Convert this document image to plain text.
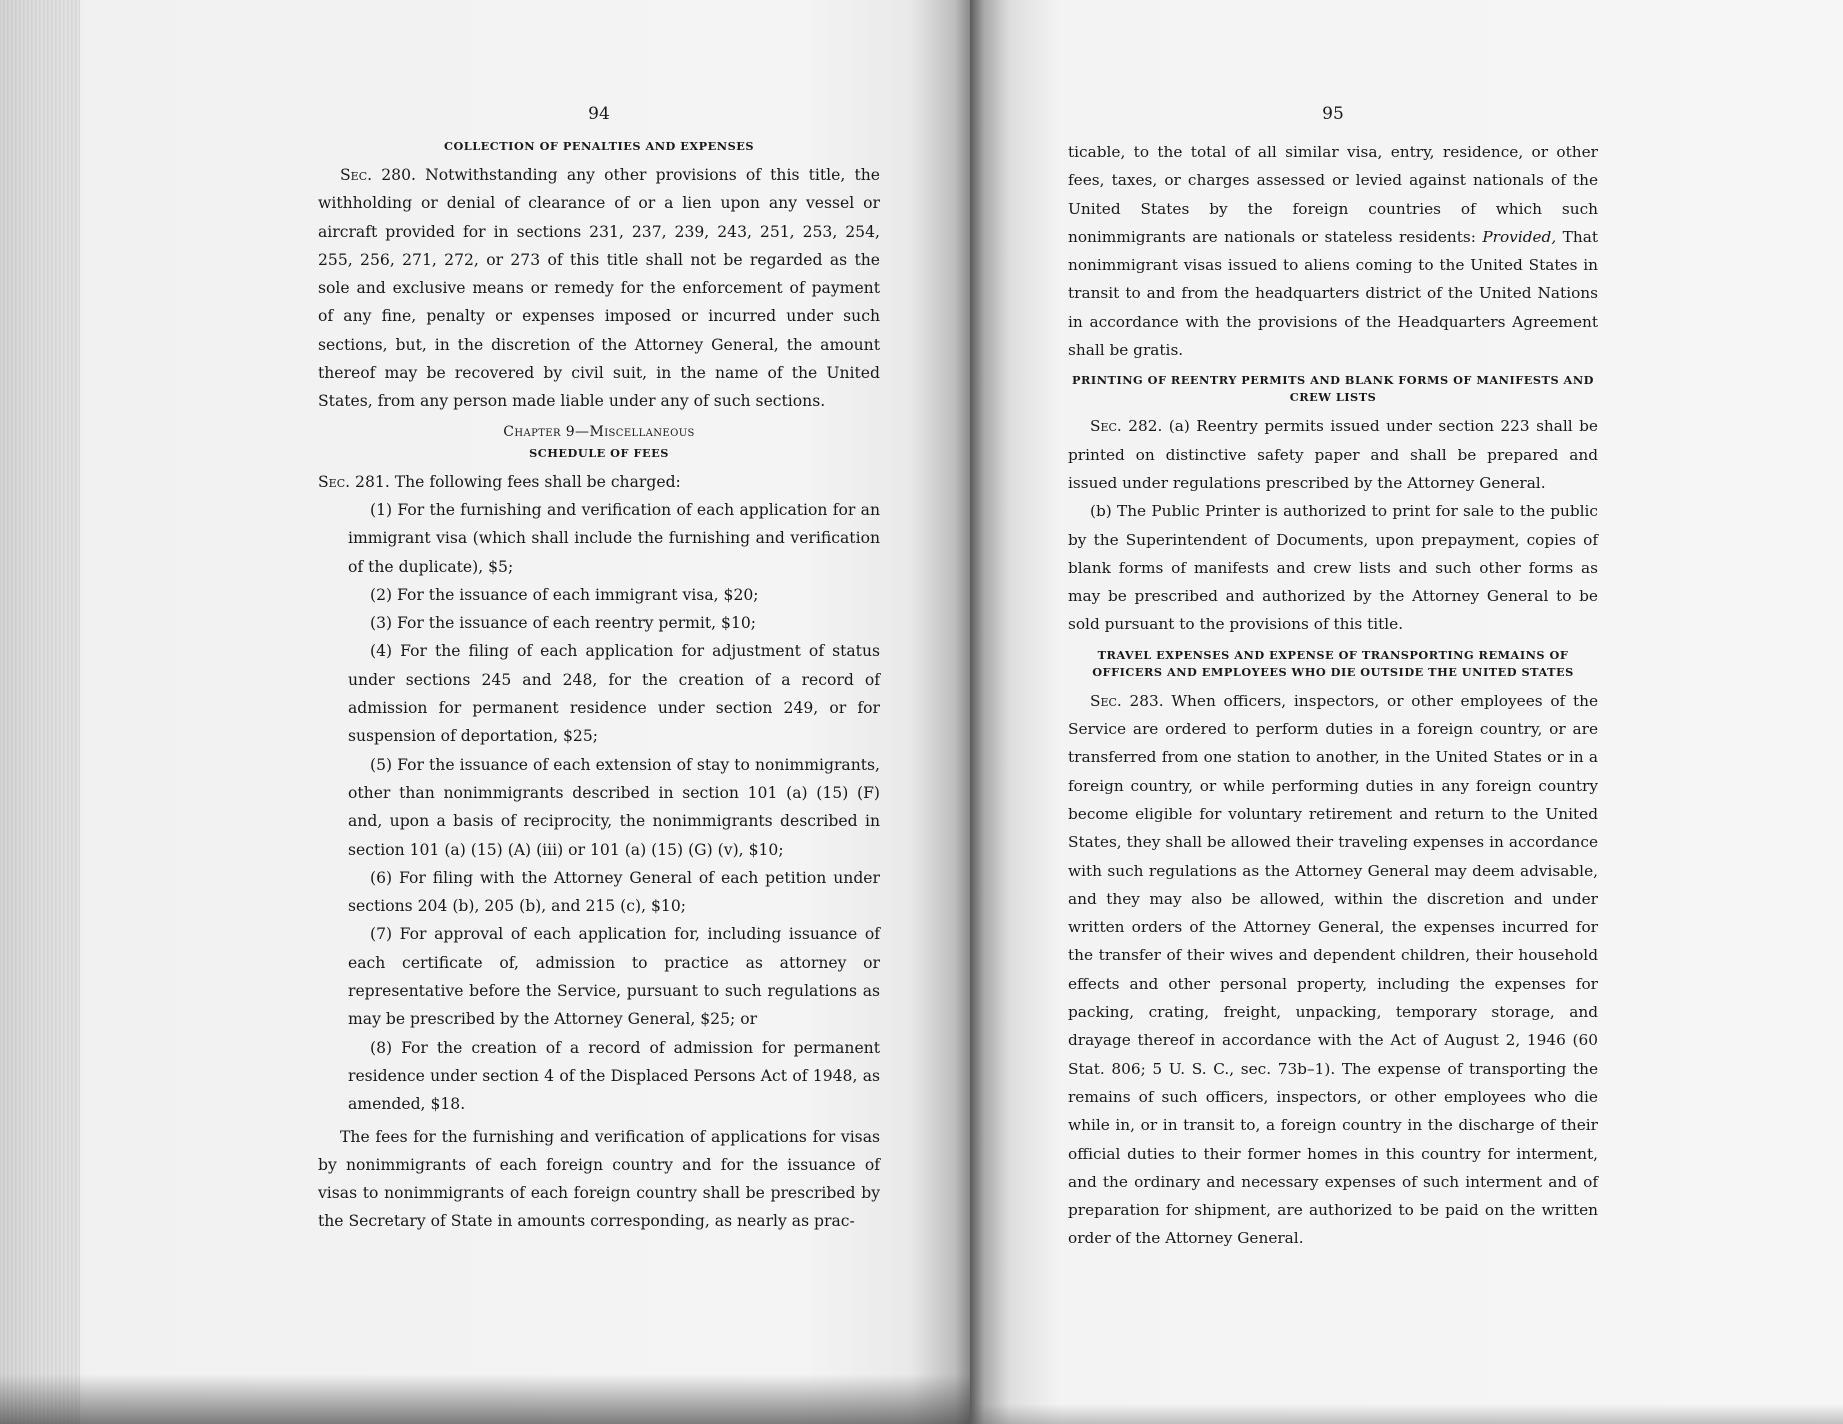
94
COLLECTION OF PENALTIES AND EXPENSES

Sec. 280. Notwithstanding any other provisions of this title, the withholding or denial of clearance of or a lien upon any vessel or aircraft provided for in sections 231, 237, 239, 243, 251, 253, 254, 255, 256, 271, 272, or 273 of this title shall not be regarded as the sole and exclusive means or remedy for the enforcement of payment of any fine, penalty or expenses imposed or incurred under such sections, but, in the discretion of the Attorney General, the amount thereof may be recovered by civil suit, in the name of the United States, from any person made liable under any of such sections.

Chapter 9—Miscellaneous
SCHEDULE OF FEES

Sec. 281. The following fees shall be charged:

(1) For the furnishing and verification of each application for an immigrant visa (which shall include the furnishing and verification of the duplicate), $5;

(2) For the issuance of each immigrant visa, $20;

(3) For the issuance of each reentry permit, $10;

(4) For the filing of each application for adjustment of status under sections 245 and 248, for the creation of a record of admission for permanent residence under section 249, or for suspension of deportation, $25;

(5) For the issuance of each extension of stay to nonimmigrants, other than nonimmigrants described in section 101 (a) (15) (F) and, upon a basis of reciprocity, the nonimmigrants described in section 101 (a) (15) (A) (iii) or 101 (a) (15) (G) (v), $10;

(6) For filing with the Attorney General of each petition under sections 204 (b), 205 (b), and 215 (c), $10;

(7) For approval of each application for, including issuance of each certificate of, admission to practice as attorney or representative before the Service, pursuant to such regulations as may be prescribed by the Attorney General, $25; or

(8) For the creation of a record of admission for permanent residence under section 4 of the Displaced Persons Act of 1948, as amended, $18.

The fees for the furnishing and verification of applications for visas by nonimmigrants of each foreign country and for the issuance of visas to nonimmigrants of each foreign country shall be prescribed by the Secretary of State in amounts corresponding, as nearly as prac-

95

ticable, to the total of all similar visa, entry, residence, or other fees, taxes, or charges assessed or levied against nationals of the United States by the foreign countries of which such nonimmigrants are nationals or stateless residents: Provided, That nonimmigrant visas issued to aliens coming to the United States in transit to and from the headquarters district of the United Nations in accordance with the provisions of the Headquarters Agreement shall be gratis.

PRINTING OF REENTRY PERMITS AND BLANK FORMS OF MANIFESTS AND CREW LISTS

Sec. 282. (a) Reentry permits issued under section 223 shall be printed on distinctive safety paper and shall be prepared and issued under regulations prescribed by the Attorney General.

(b) The Public Printer is authorized to print for sale to the public by the Superintendent of Documents, upon prepayment, copies of blank forms of manifests and crew lists and such other forms as may be prescribed and authorized by the Attorney General to be sold pursuant to the provisions of this title.

TRAVEL EXPENSES AND EXPENSE OF TRANSPORTING REMAINS OF OFFICERS AND EMPLOYEES WHO DIE OUTSIDE THE UNITED STATES

Sec. 283. When officers, inspectors, or other employees of the Service are ordered to perform duties in a foreign country, or are transferred from one station to another, in the United States or in a foreign country, or while performing duties in any foreign country become eligible for voluntary retirement and return to the United States, they shall be allowed their traveling expenses in accordance with such regulations as the Attorney General may deem advisable, and they may also be allowed, within the discretion and under written orders of the Attorney General, the expenses incurred for the transfer of their wives and dependent children, their household effects and other personal property, including the expenses for packing, crating, freight, unpacking, temporary storage, and drayage thereof in accordance with the Act of August 2, 1946 (60 Stat. 806; 5 U. S. C., sec. 73b–1). The expense of transporting the remains of such officers, inspectors, or other employees who die while in, or in transit to, a foreign country in the discharge of their official duties to their former homes in this country for interment, and the ordinary and necessary expenses of such interment and of preparation for shipment, are authorized to be paid on the written order of the Attorney General.
